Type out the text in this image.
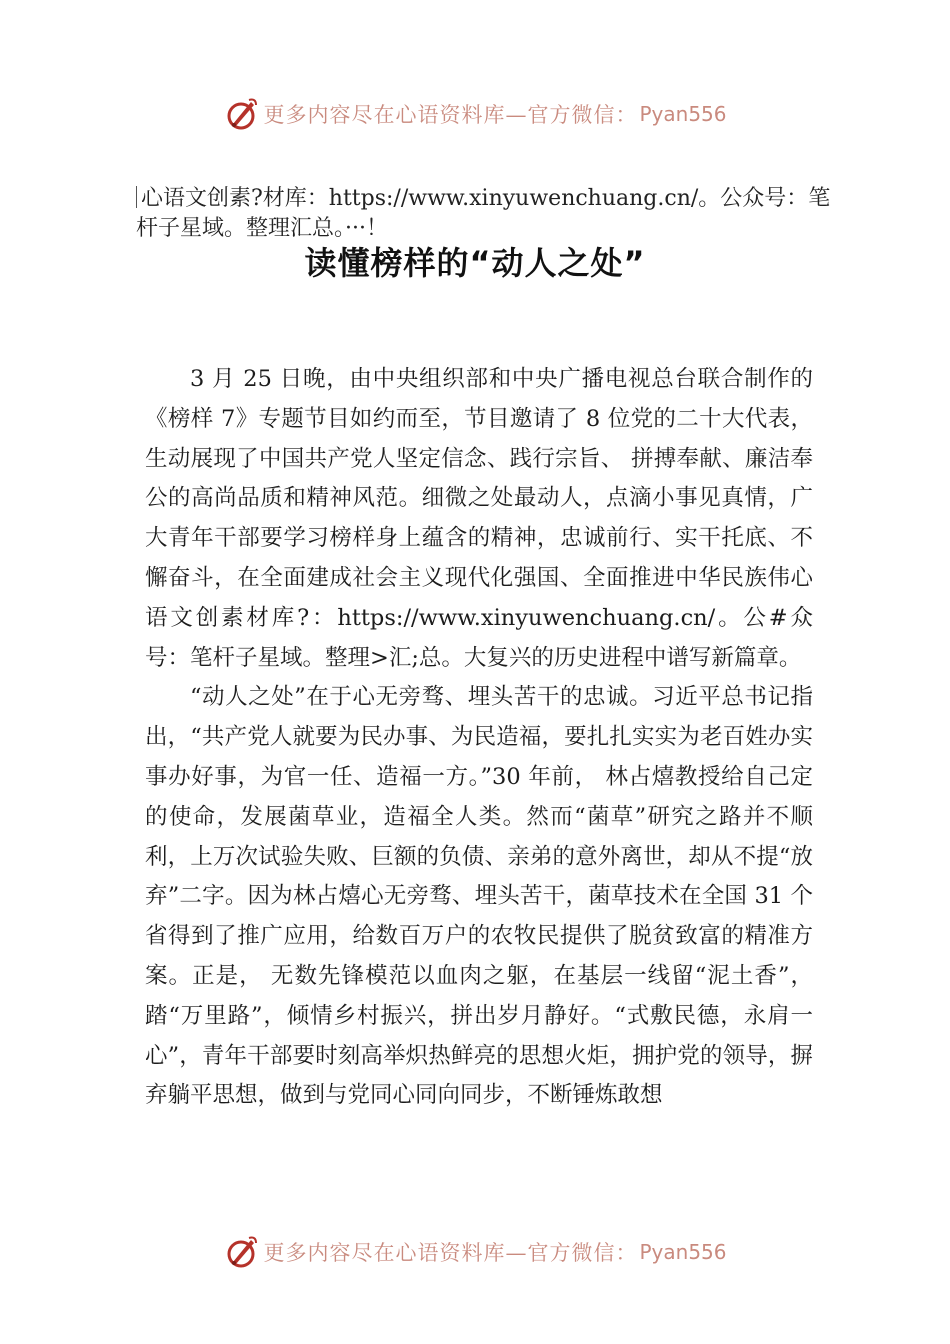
更多内容尽在心语资料库—官方微信： Pyan556
心语文创素?材库：https://www.xinyuwenchuang.cn/。公众号：笔杆子星域。整理汇总。···！
读懂榜样的“动人之处”

3 月 25 日晚，由中央组织部和中央广播电视总台联合制作的《榜样 7》专题节目如约而至，节目邀请了 8 位党的二十大代表，生动展现了中国共产党人坚定信念、践行宗旨、 拼搏奉献、廉洁奉公的高尚品质和精神风范。细微之处最动人，点滴小事见真情，广大青年干部要学习榜样身上蕴含的精神，忠诚前行、实干托底、不懈奋斗，在全面建成社会主义现代化强国、全面推进中华民族伟心语文创素材库?：https://www.xinyuwenchuang.cn/。公#众号：笔杆子星域。整理>汇;总。大复兴的历史进程中谱写新篇章。

“动人之处”在于心无旁骛、埋头苦干的忠诚。习近平总书记指出，“共产党人就要为民办事、为民造福，要扎扎实实为老百姓办实事办好事，为官一任、造福一方。”30 年前， 林占熺教授给自己定的使命，发展菌草业，造福全人类。然而“菌草”研究之路并不顺利，上万次试验失败、巨额的负债、亲弟的意外离世，却从不提“放弃”二字。因为林占熺心无旁骛、埋头苦干，菌草技术在全国 31 个省得到了推广应用，给数百万户的农牧民提供了脱贫致富的精准方案。正是， 无数先锋模范以血肉之躯，在基层一线留“泥土香”，踏“万里路”，倾情乡村振兴，拼出岁月静好。“式敷民德，永肩一心”，青年干部要时刻高举炽热鲜亮的思想火炬，拥护党的领导，摒弃躺平思想，做到与党同心同向同步，不断锤炼敢想

更多内容尽在心语资料库—官方微信： Pyan556
